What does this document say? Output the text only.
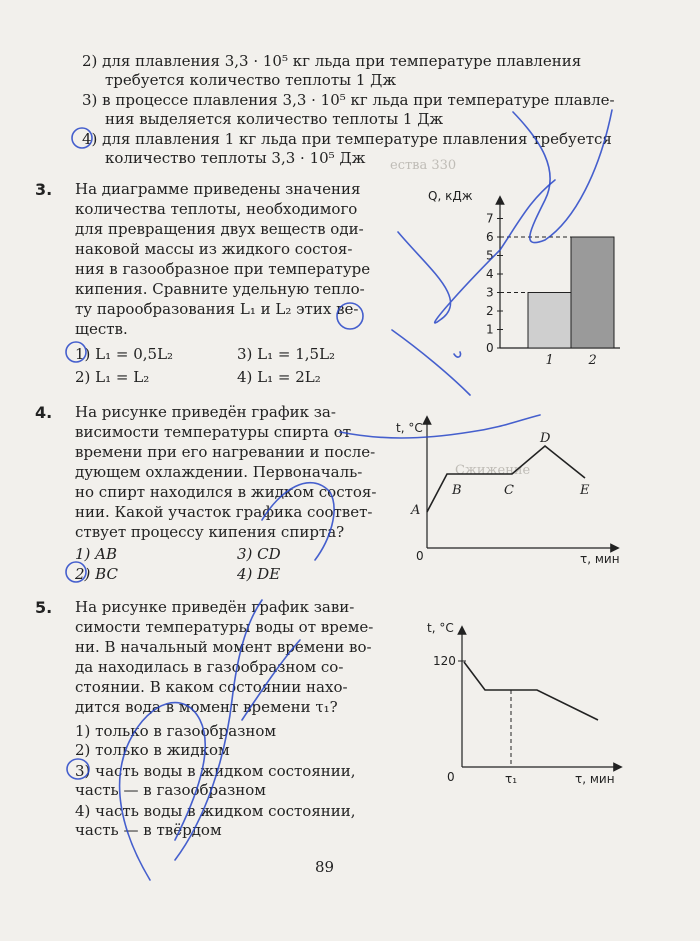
ества 330
Сжижение
2) для плавления 3,3 · 10⁵ кг льда при температуре плавления
требуется количество теплоты 1 Дж
3) в процессе плавления 3,3 · 10⁵ кг льда при температуре плавле-
ния выделяется количество теплоты 1 Дж
4) для плавления 1 кг льда при температуре плавления требуется
количество теплоты 3,3 · 10⁵ Дж
3. На диаграмме приведены значения
количества теплоты, необходимого
для превращения двух веществ оди-
наковой массы из жидкого состоя-
ния в газообразное при температуре
кипения. Сравните удельную тепло-
ту парообразования L₁ и L₂ этих ве-
ществ.
1) L₁ = 0,5L₂	3) L₁ = 1,5L₂
2) L₁ = L₂	4) L₁ = 2L₂
4. На рисунке приведён график за-
висимости температуры спирта от
времени при его нагревании и после-
дующем охлаждении. Первоначаль-
но спирт находился в жидком состоя-
нии. Какой участок графика соответ-
ствует процессу кипения спирта?
1) AB	3) CD
2) BC	4) DE
5. На рисунке приведён график зави-
симости температуры воды от време-
ни. В начальный момент времени во-
да находилась в газообразном со-
стоянии. В каком состоянии нахо-
дится вода в момент времени τ₁?
1) только в газообразном
2) только в жидком
3) часть воды в жидком состоянии,
часть — в газообразном
4) часть воды в жидком состоянии,
часть — в твёрдом
89
Q, кДж
0
1
2
3
4
5
6
7
1	2
t, °C
τ, мин
0
A
B	C
D
E
t, °C
τ, мин
0
120
τ₁
